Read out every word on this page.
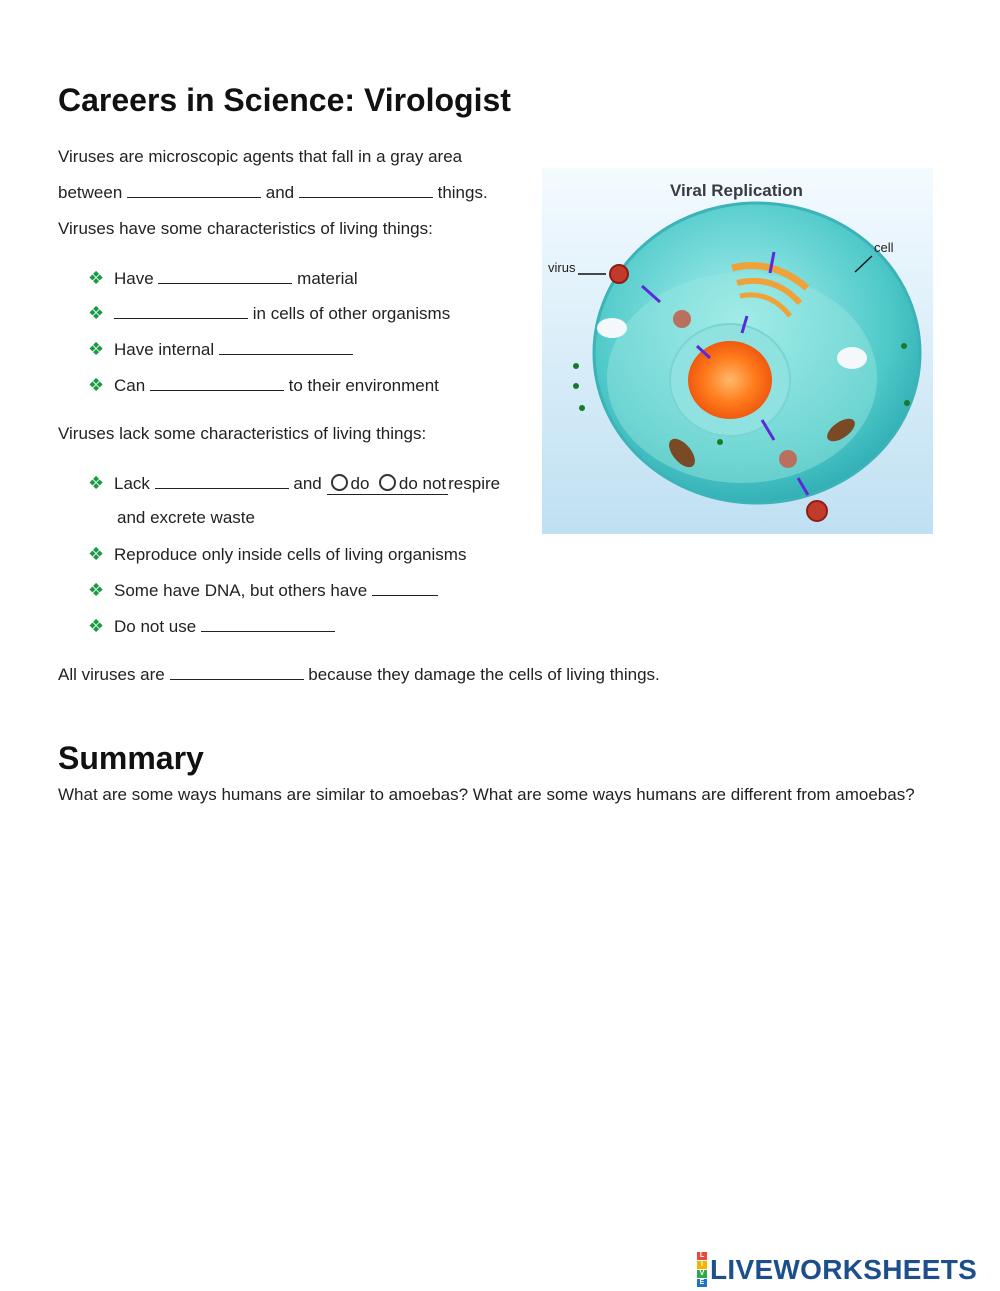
Careers in Science: Virologist
Viruses are microscopic agents that fall in a gray area
between	and	things.
Viruses have some characteristics of living things:
❖ Have	material
❖	in cells of other organisms
❖ Have internal
❖ Can	to their environment
Viruses lack some characteristics of living things:
❖ Lack	and do do not respire
and excrete waste
❖ Reproduce only inside cells of living organisms
❖ Some have DNA, but others have
❖ Do not use
All viruses are	because they damage the cells of living things.
Summary

What are some ways humans are similar to amoebas? What are some ways humans are different from amoebas?

Viral Replication
virus
cell
L
I
V
E LIVEWORKSHEETS
